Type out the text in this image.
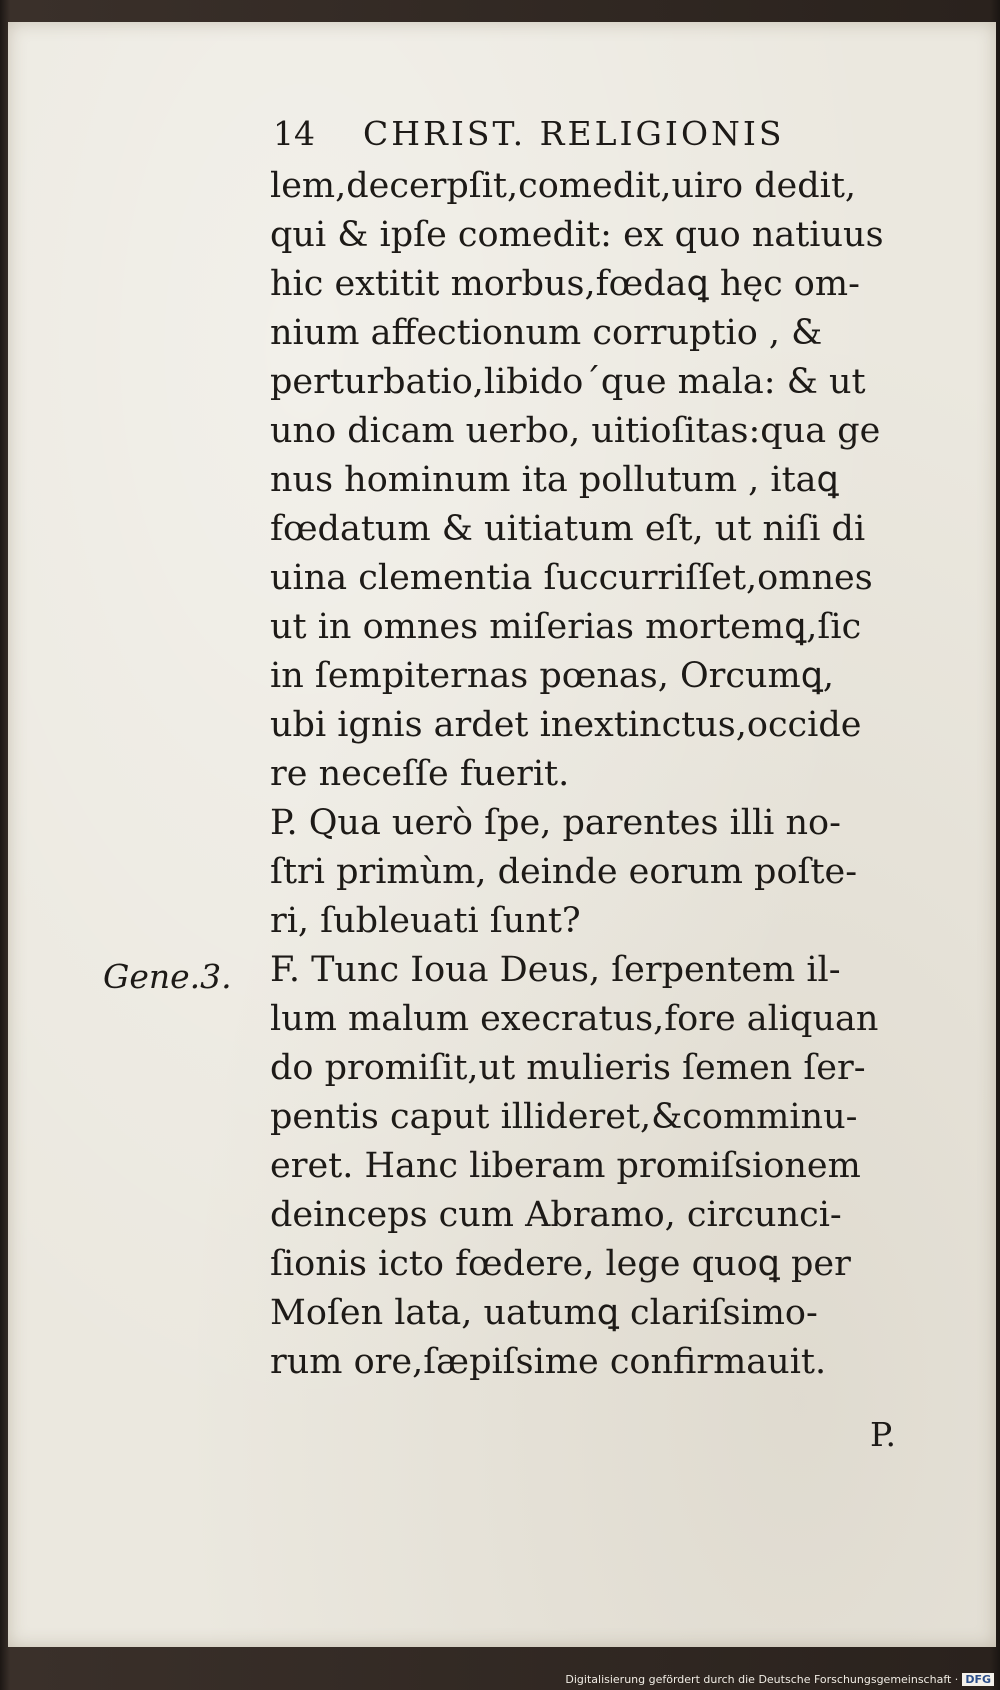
14 CHRIST. RELIGIONIS
lem,decerpſit,comedit,uiro dedit,
qui & ipſe comedit: ex quo natiuus
hic extitit morbus,fœdaꝗ hęc om-
nium affectionum corruptio , &
perturbatio,libido´que mala: & ut
uno dicam uerbo, uitioſitas:qua ge
nus hominum ita pollutum , itaꝗ
fœdatum & uitiatum eſt, ut niſi di
uina clementia ſuccurriſſet,omnes
ut in omnes miſerias mortemꝗ,ſic
in ſempiternas pœnas, Orcumꝗ,
ubi ignis ardet inextinctus,occide
re neceſſe fuerit.
P. Qua uerò ſpe, parentes illi no-
ſtri primùm, deinde eorum poſte-
ri, ſubleuati ſunt?
F. Tunc Ioua Deus, ſerpentem il-
lum malum execratus,fore aliquan
do promiſit,ut mulieris ſemen ſer-
pentis caput illideret,&comminu-
eret. Hanc liberam promiſsionem
deinceps cum Abramo, circunci-
ſionis icto fœdere, lege quoꝗ per
Moſen lata, uatumꝗ clariſsimo-
rum ore,ſæpiſsime confirmauit.
Gene.3.
P.
Digitalisierung gefördert durch die Deutsche Forschungsgemeinschaft · DFG
